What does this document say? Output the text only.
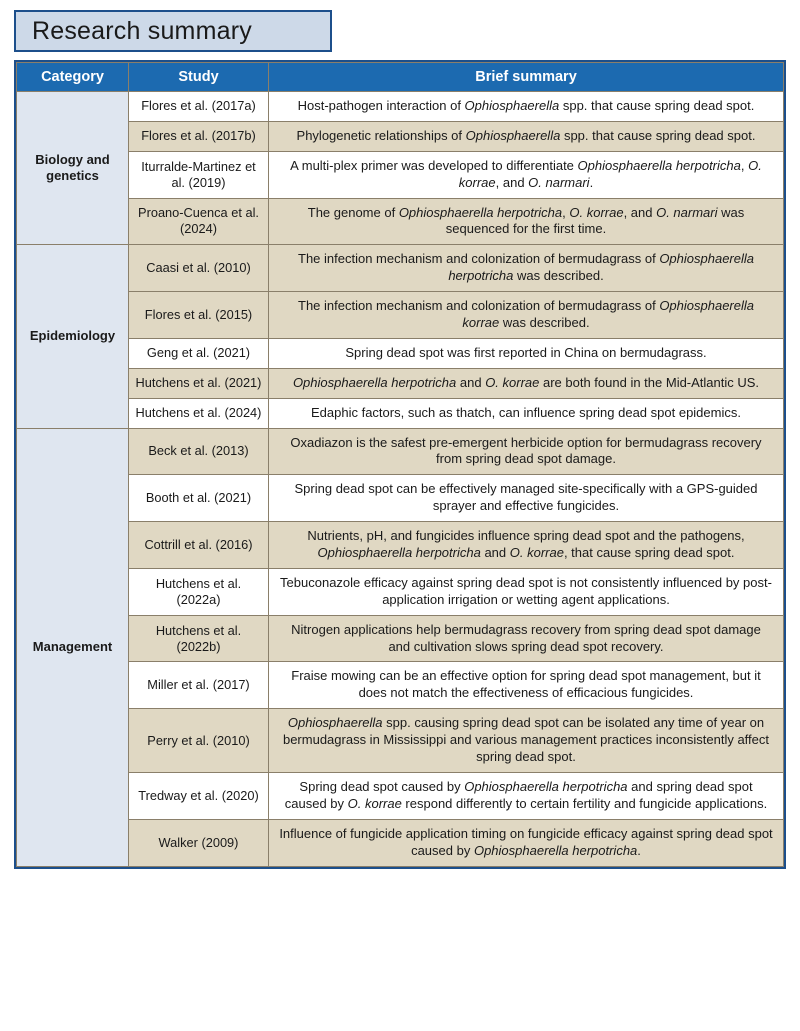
Research summary
Category	Study	Brief summary
Biology and genetics	Flores et al. (2017a)	Host-pathogen interaction of Ophiosphaerella spp. that cause spring dead spot.
	Flores et al. (2017b)	Phylogenetic relationships of Ophiosphaerella spp. that cause spring dead spot.
	Iturralde-Martinez et al. (2019)	A multi-plex primer was developed to differentiate Ophiosphaerella herpotricha, O. korrae, and O. narmari.
	Proano-Cuenca et al. (2024)	The genome of Ophiosphaerella herpotricha, O. korrae, and O. narmari was sequenced for the first time.
Epidemiology	Caasi et al. (2010)	The infection mechanism and colonization of bermudagrass of Ophiosphaerella herpotricha was described.
	Flores et al. (2015)	The infection mechanism and colonization of bermudagrass of Ophiosphaerella korrae was described.
	Geng et al. (2021)	Spring dead spot was first reported in China on bermudagrass.
	Hutchens et al. (2021)	Ophiosphaerella herpotricha and O. korrae are both found in the Mid-Atlantic US.
	Hutchens et al. (2024)	Edaphic factors, such as thatch, can influence spring dead spot epidemics.
Management	Beck et al. (2013)	Oxadiazon is the safest pre-emergent herbicide option for bermudagrass recovery from spring dead spot damage.
	Booth et al. (2021)	Spring dead spot can be effectively managed site-specifically with a GPS-guided sprayer and effective fungicides.
	Cottrill et al. (2016)	Nutrients, pH, and fungicides influence spring dead spot and the pathogens, Ophiosphaerella herpotricha and O. korrae, that cause spring dead spot.
	Hutchens et al. (2022a)	Tebuconazole efficacy against spring dead spot is not consistently influenced by post-application irrigation or wetting agent applications.
	Hutchens et al. (2022b)	Nitrogen applications help bermudagrass recovery from spring dead spot damage and cultivation slows spring dead spot recovery.
	Miller et al. (2017)	Fraise mowing can be an effective option for spring dead spot management, but it does not match the effectiveness of efficacious fungicides.
	Perry et al. (2010)	Ophiosphaerella spp. causing spring dead spot can be isolated any time of year on bermudagrass in Mississippi and various management practices inconsistently affect spring dead spot.
	Tredway et al. (2020)	Spring dead spot caused by Ophiosphaerella herpotricha and spring dead spot caused by O. korrae respond differently to certain fertility and fungicide applications.
	Walker (2009)	Influence of fungicide application timing on fungicide efficacy against spring dead spot caused by Ophiosphaerella herpotricha.
